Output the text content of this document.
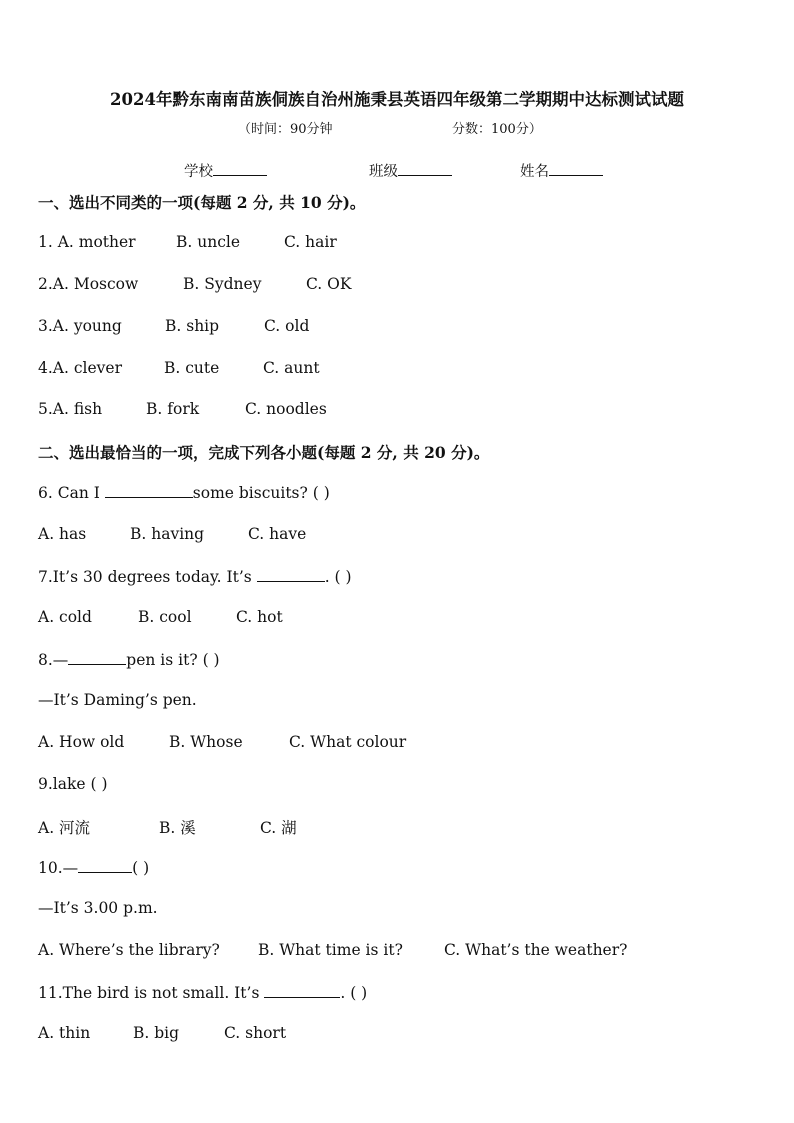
2024年黔东南南苗族侗族自治州施秉县英语四年级第二学期期中达标测试试题
（时间：90分钟	分数：100分）
学校	班级	姓名
一、选出不同类的一项(每题 2 分, 共 10 分)。
1. A. mother	B. uncle	C. hair
2.A. Moscow	B. Sydney	C. OK
3.A. young	B. ship	C. old
4.A. clever	B. cute	C. aunt
5.A. fish	B. fork	C. noodles
二、选出最恰当的一项，完成下列各小题(每题 2 分, 共 20 分)。
6. Can I	some biscuits? ( )
A. has	B. having	C. have
7.It’s 30 degrees today. It’s	. ( )
A. cold	B. cool	C. hot
8.—	pen is it? ( )
—It’s Daming’s pen.
A. How old	B. Whose	C. What colour
9.lake ( )
A. 河流	B. 溪	C. 湖
10.—	( )
—It’s 3.00 p.m.
A. Where’s the library? B. What time is it?	C. What’s the weather?
11.The bird is not small. It’s	. ( )
A. thin	B. big	C. short
